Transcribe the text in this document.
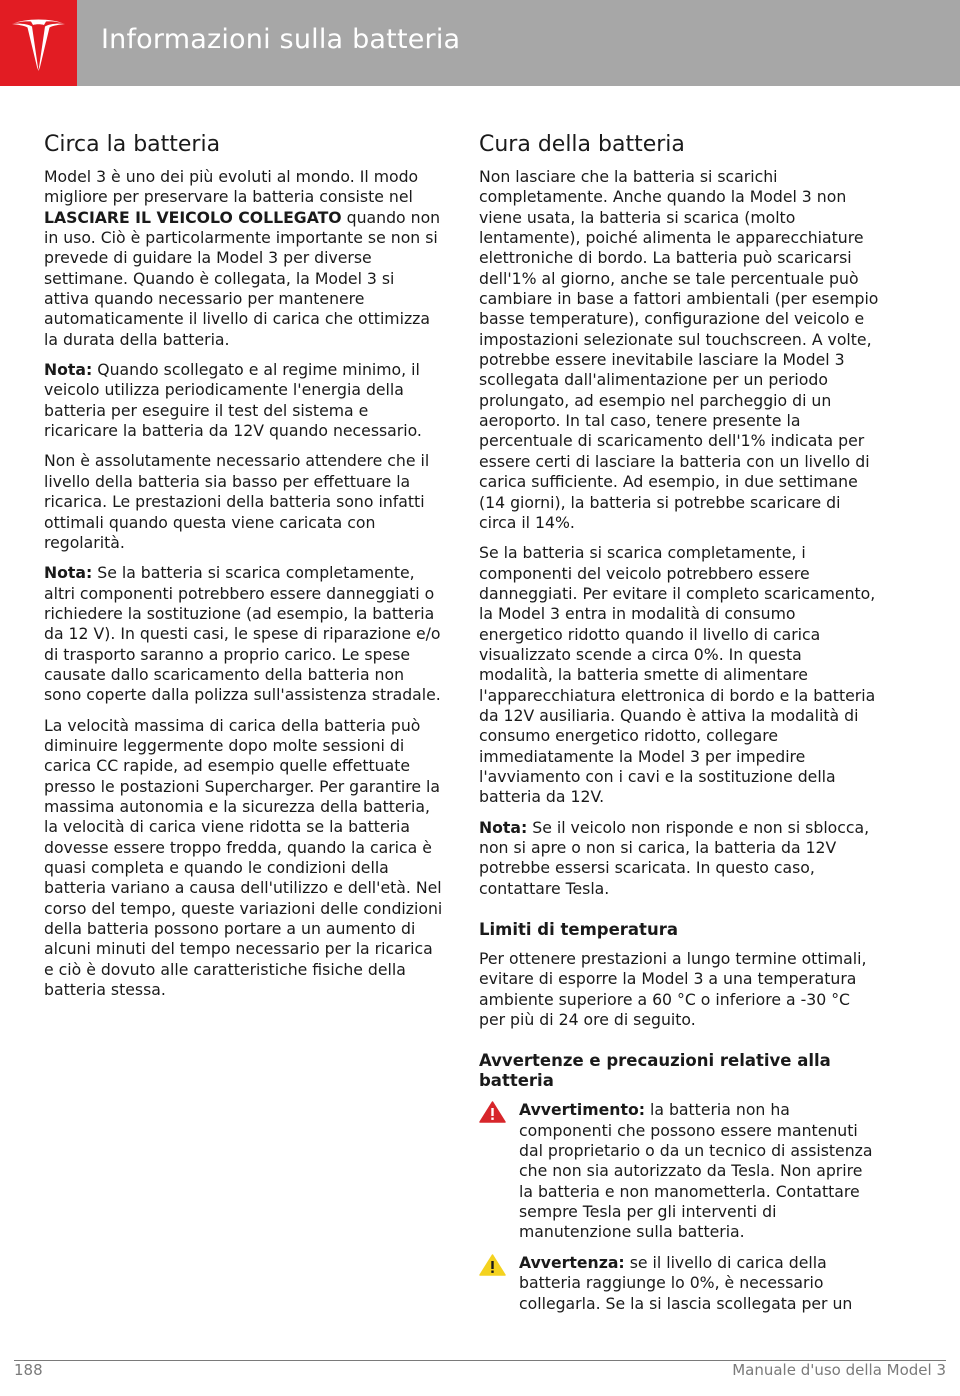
Informazioni sulla batteria
Circa la batteria

Model 3 è uno dei più evoluti al mondo. Il modo migliore per preservare la batteria consiste nel LASCIARE IL VEICOLO COLLEGATO quando non in uso. Ciò è particolarmente importante se non si prevede di guidare la Model 3 per diverse settimane. Quando è collegata, la Model 3 si attiva quando necessario per mantenere automaticamente il livello di carica che ottimizza la durata della batteria.

Nota: Quando scollegato e al regime minimo, il veicolo utilizza periodicamente l'energia della batteria per eseguire il test del sistema e ricaricare la batteria da 12V quando necessario.

Non è assolutamente necessario attendere che il livello della batteria sia basso per effettuare la ricarica. Le prestazioni della batteria sono infatti ottimali quando questa viene caricata con regolarità.

Nota: Se la batteria si scarica completamente, altri componenti potrebbero essere danneggiati o richiedere la sostituzione (ad esempio, la batteria da 12 V). In questi casi, le spese di riparazione e/o di trasporto saranno a proprio carico. Le spese causate dallo scaricamento della batteria non sono coperte dalla polizza sull'assistenza stradale.

La velocità massima di carica della batteria può diminuire leggermente dopo molte sessioni di carica CC rapide, ad esempio quelle effettuate presso le postazioni Supercharger. Per garantire la massima autonomia e la sicurezza della batteria, la velocità di carica viene ridotta se la batteria dovesse essere troppo fredda, quando la carica è quasi completa e quando le condizioni della batteria variano a causa dell'utilizzo e dell'età. Nel corso del tempo, queste variazioni delle condizioni della batteria possono portare a un aumento di alcuni minuti del tempo necessario per la ricarica e ciò è dovuto alle caratteristiche fisiche della batteria stessa.

Cura della batteria

Non lasciare che la batteria si scarichi completamente. Anche quando la Model 3 non viene usata, la batteria si scarica (molto lentamente), poiché alimenta le apparecchiature elettroniche di bordo. La batteria può scaricarsi dell'1% al giorno, anche se tale percentuale può cambiare in base a fattori ambientali (per esempio basse temperature), configurazione del veicolo e impostazioni selezionate sul touchscreen. A volte, potrebbe essere inevitabile lasciare la Model 3 scollegata dall'alimentazione per un periodo prolungato, ad esempio nel parcheggio di un aeroporto. In tal caso, tenere presente la percentuale di scaricamento dell'1% indicata per essere certi di lasciare la batteria con un livello di carica sufficiente. Ad esempio, in due settimane (14 giorni), la batteria si potrebbe scaricare di circa il 14%.

Se la batteria si scarica completamente, i componenti del veicolo potrebbero essere danneggiati. Per evitare il completo scaricamento, la Model 3 entra in modalità di consumo energetico ridotto quando il livello di carica visualizzato scende a circa 0%. In questa modalità, la batteria smette di alimentare l'apparecchiatura elettronica di bordo e la batteria da 12V ausiliaria. Quando è attiva la modalità di consumo energetico ridotto, collegare immediatamente la Model 3 per impedire l'avviamento con i cavi e la sostituzione della batteria da 12V.

Nota: Se il veicolo non risponde e non si sblocca, non si apre o non si carica, la batteria da 12V potrebbe essersi scaricata. In questo caso, contattare Tesla.

Limiti di temperatura

Per ottenere prestazioni a lungo termine ottimali, evitare di esporre la Model 3 a una temperatura ambiente superiore a 60 °C o inferiore a -30 °C per più di 24 ore di seguito.

Avvertenze e precauzioni relative alla batteria
Avvertimento: la batteria non ha componenti che possono essere mantenuti dal proprietario o da un tecnico di assistenza che non sia autorizzato da Tesla. Non aprire la batteria e non manometterla. Contattare sempre Tesla per gli interventi di manutenzione sulla batteria.
Avvertenza: se il livello di carica della batteria raggiunge lo 0%, è necessario collegarla. Se la si lascia scollegata per un
188	Manuale d'uso della Model 3
